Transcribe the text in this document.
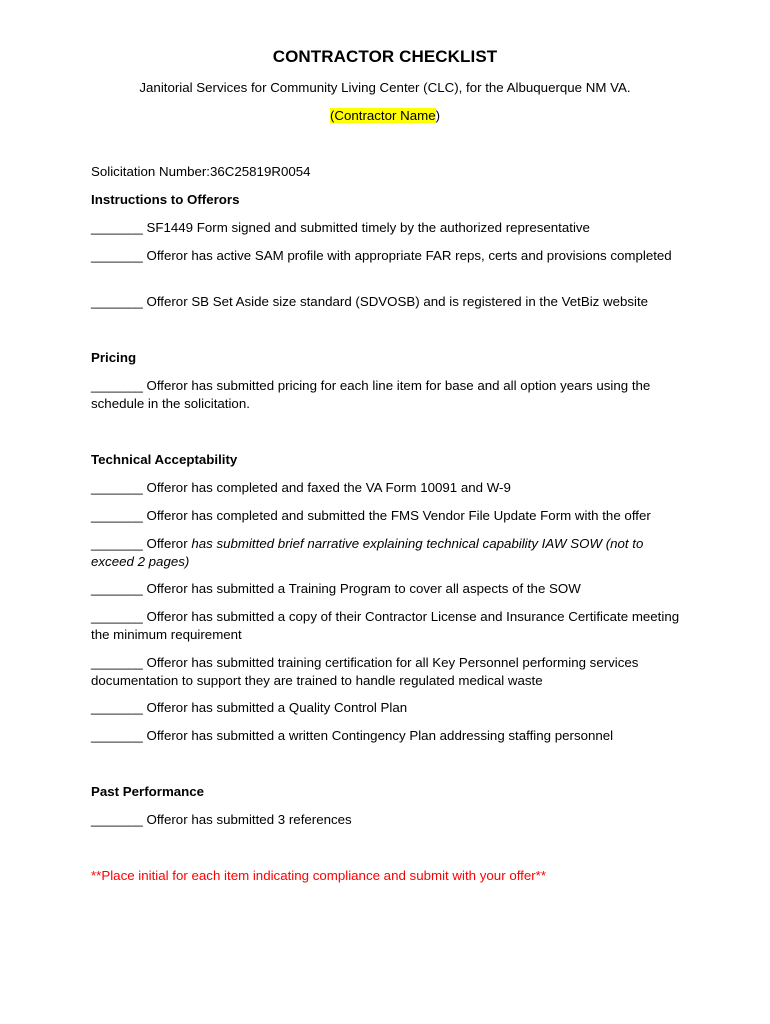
CONTRACTOR CHECKLIST
Janitorial Services for Community Living Center (CLC), for the Albuquerque NM VA.
(Contractor Name)
Solicitation Number:36C25819R0054
Instructions to Offerors
_______ SF1449 Form signed and submitted timely by the authorized representative
_______ Offeror has active SAM profile with appropriate FAR reps, certs and provisions completed
_______ Offeror SB Set Aside size standard (SDVOSB) and is registered in the VetBiz website
Pricing
_______ Offeror has submitted pricing for each line item for base and all option years using the schedule in the solicitation.
Technical Acceptability
_______ Offeror has completed and faxed the VA Form 10091 and W-9
_______ Offeror has completed and submitted the FMS Vendor File Update Form with the offer
_______ Offeror has submitted brief narrative explaining technical capability IAW SOW (not to exceed 2 pages)
_______ Offeror has submitted a Training Program to cover all aspects of the SOW
_______ Offeror has submitted a copy of their Contractor License and Insurance Certificate meeting the minimum requirement
_______ Offeror has submitted training certification for all Key Personnel performing services documentation to support they are trained to handle regulated medical waste
_______ Offeror has submitted a Quality Control Plan
_______ Offeror has submitted a written Contingency Plan addressing staffing personnel
Past Performance
_______ Offeror has submitted 3 references
**Place initial for each item indicating compliance and submit with your offer**
